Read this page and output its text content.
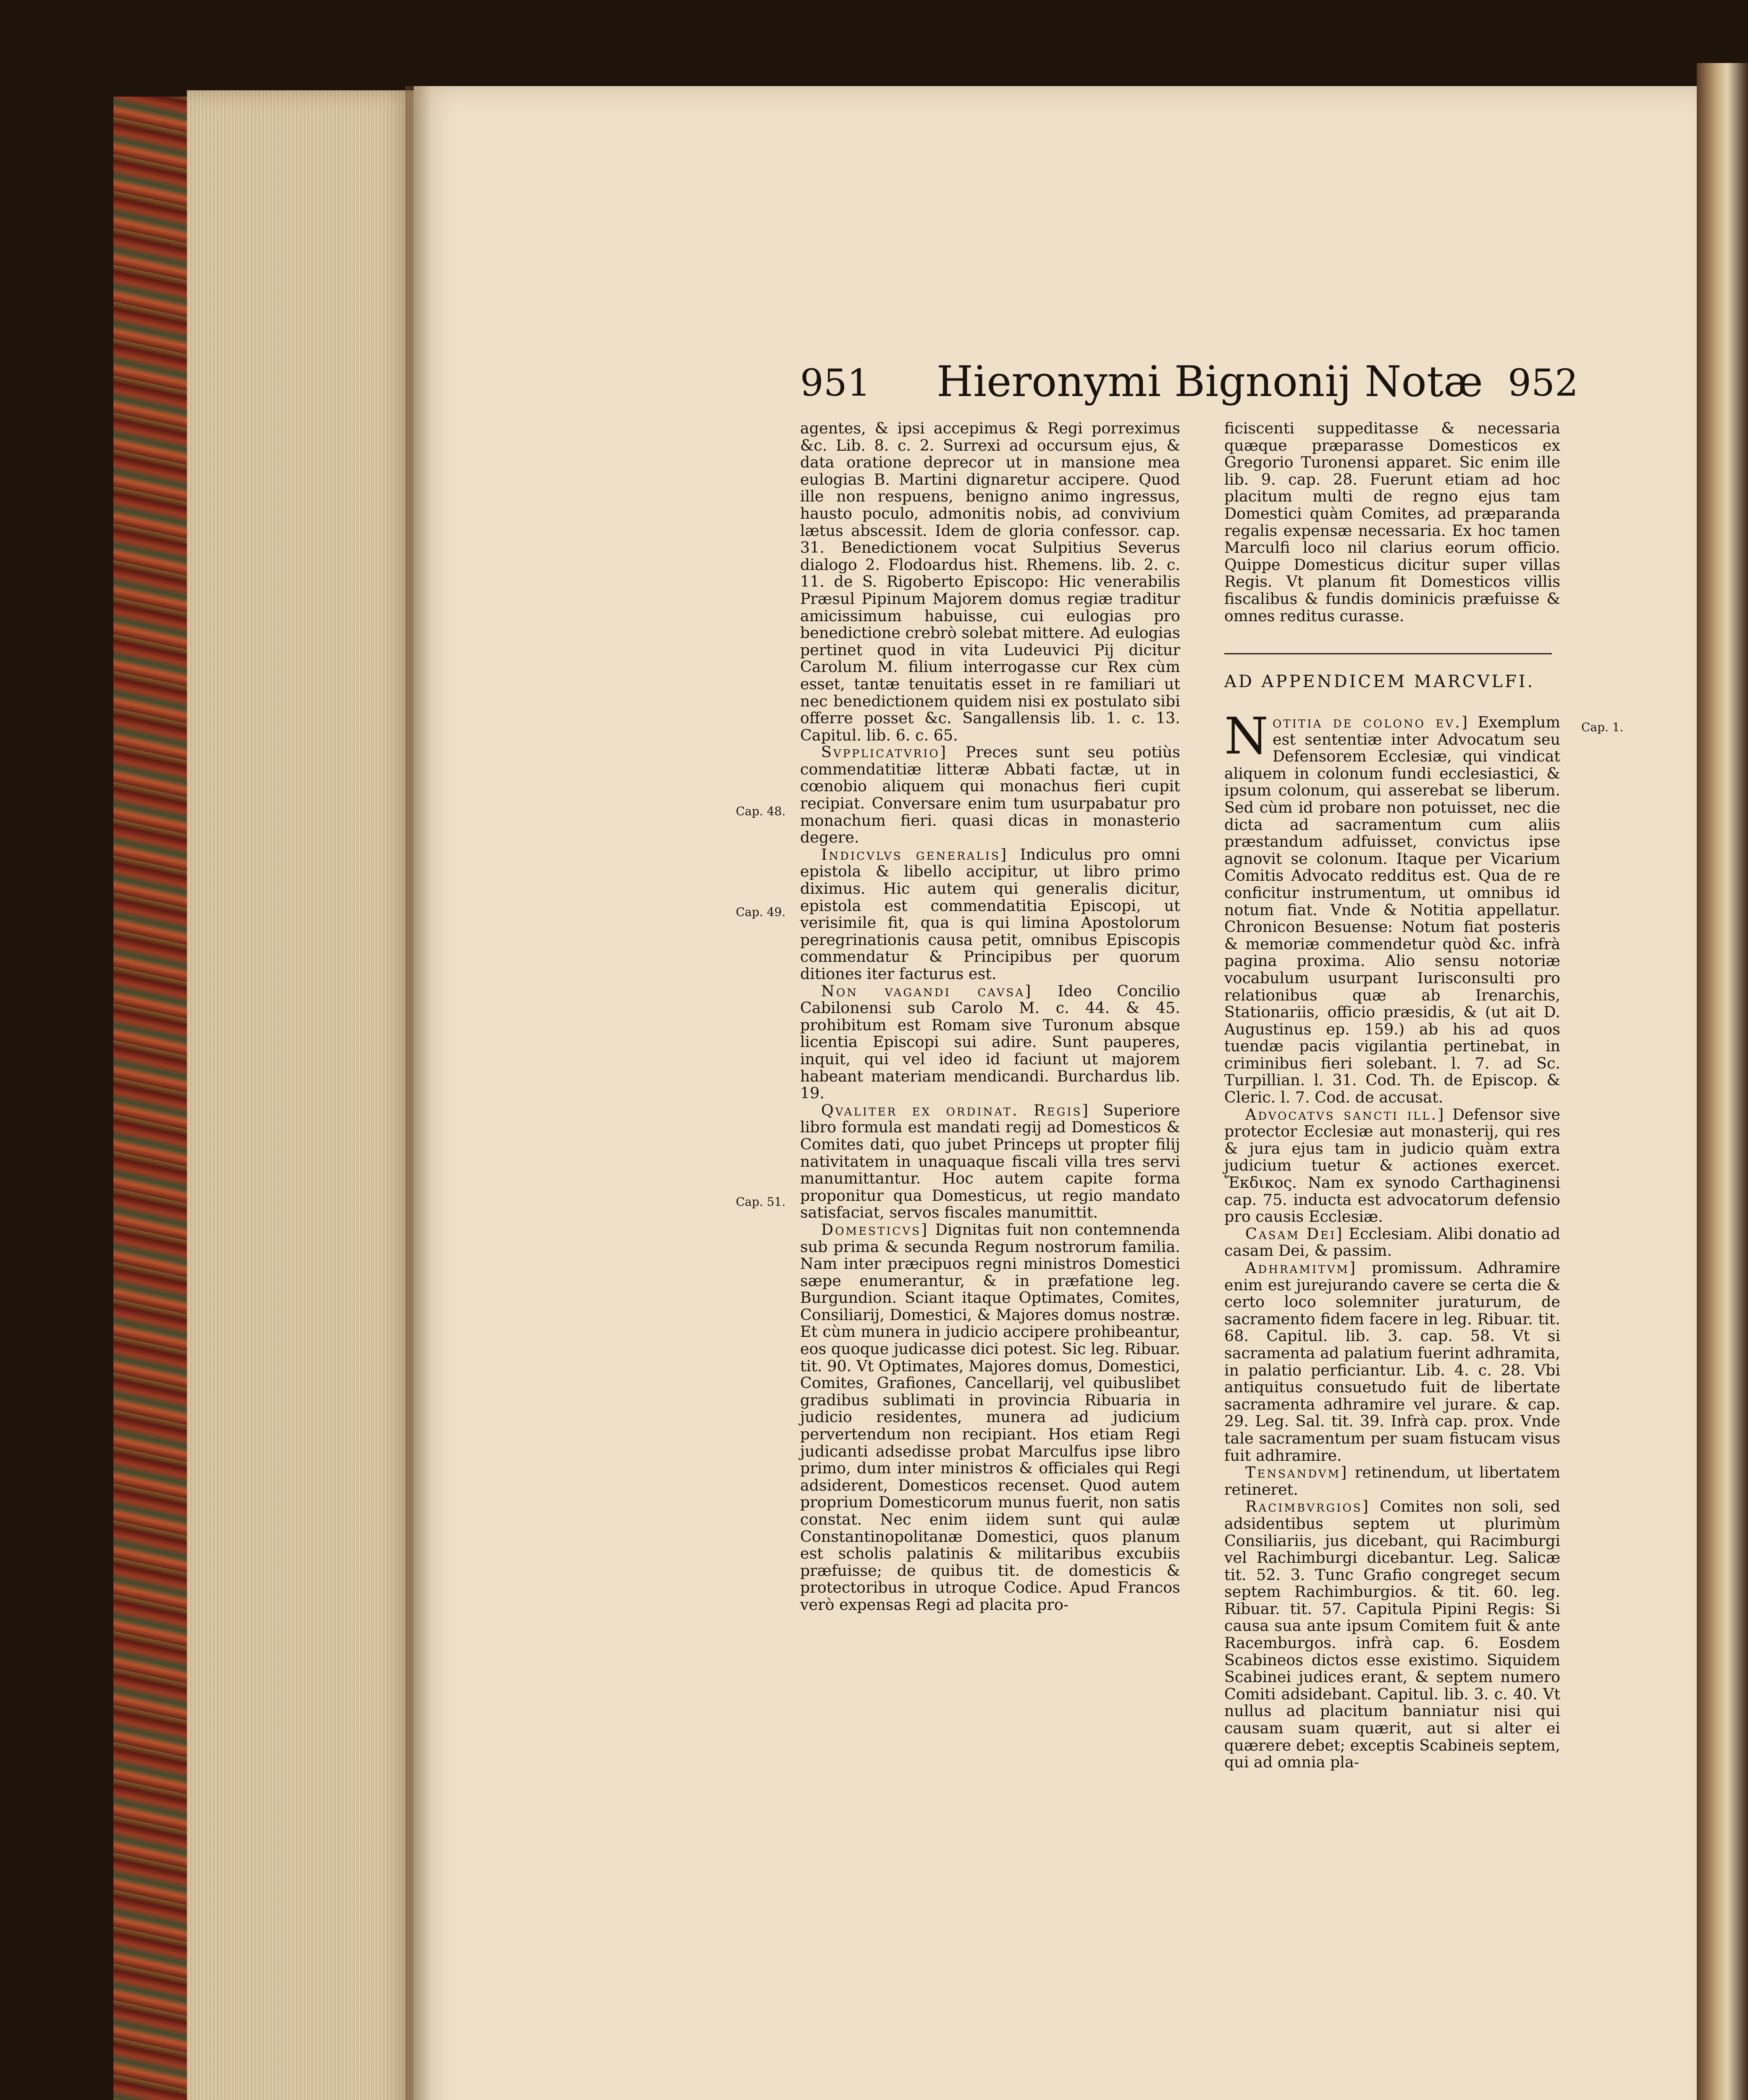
951 Hieronymi Bignonij Notæ 952
Cap. 48.
Cap. 49.
Cap. 51.

agentes, & ipsi accepimus & Regi porreximus &c. Lib. 8. c. 2. Surrexi ad occursum ejus, & data oratione deprecor ut in mansione mea eulogias B. Martini dignaretur accipere. Quod ille non respuens, benigno animo ingressus, hausto poculo, admonitis nobis, ad convivium lætus abscessit. Idem de gloria confessor. cap. 31. Benedictionem vocat Sulpitius Severus dialogo 2. Flodoardus hist. Rhemens. lib. 2. c. 11. de S. Rigoberto Episcopo: Hic venerabilis Præsul Pipinum Majorem domus regiæ traditur amicissimum habuisse, cui eulogias pro benedictione crebrò solebat mittere. Ad eulogias pertinet quod in vita Ludeuvici Pij dicitur Carolum M. filium interrogasse cur Rex cùm esset, tantæ tenuitatis esset in re familiari ut nec benedictionem quidem nisi ex postulato sibi offerre posset &c. Sangallensis lib. 1. c. 13. Capitul. lib. 6. c. 65.

Svpplicatvrio] Preces sunt seu potiùs commendatitiæ litteræ Abbati factæ, ut in cœnobio aliquem qui monachus fieri cupit recipiat. Conversare enim tum usurpabatur pro monachum fieri. quasi dicas in monasterio degere.

Indicvlvs generalis] Indiculus pro omni epistola & libello accipitur, ut libro primo diximus. Hic autem qui generalis dicitur, epistola est commendatitia Episcopi, ut verisimile fit, qua is qui limina Apostolorum peregrinationis causa petit, omnibus Episcopis commendatur & Principibus per quorum ditiones iter facturus est.

Non vagandi cavsa] Ideo Concilio Cabilonensi sub Carolo M. c. 44. & 45. prohibitum est Romam sive Turonum absque licentia Episcopi sui adire. Sunt pauperes, inquit, qui vel ideo id faciunt ut majorem habeant materiam mendicandi. Burchardus lib. 19.

Qvaliter ex ordinat. Regis] Superiore libro formula est mandati regij ad Domesticos & Comites dati, quo jubet Princeps ut propter filij nativitatem in unaquaque fiscali villa tres servi manumittantur. Hoc autem capite forma proponitur qua Domesticus, ut regio mandato satisfaciat, servos fiscales manumittit.

Domesticvs] Dignitas fuit non contemnenda sub prima & secunda Regum nostrorum familia. Nam inter præcipuos regni ministros Domestici sæpe enumerantur, & in præfatione leg. Burgundion. Sciant itaque Optimates, Comites, Consiliarij, Domestici, & Majores domus nostræ. Et cùm munera in judicio accipere prohibeantur, eos quoque judicasse dici potest. Sic leg. Ribuar. tit. 90. Vt Optimates, Majores domus, Domestici, Comites, Grafiones, Cancellarij, vel quibuslibet gradibus sublimati in provincia Ribuaria in judicio residentes, munera ad judicium pervertendum non recipiant. Hos etiam Regi judicanti adsedisse probat Marculfus ipse libro primo, dum inter ministros & officiales qui Regi adsiderent, Domesticos recenset. Quod autem proprium Domesticorum munus fuerit, non satis constat. Nec enim iidem sunt qui aulæ Constantinopolitanæ Domestici, quos planum est scholis palatinis & militaribus excubiis præfuisse; de quibus tit. de domesticis & protectoribus in utroque Codice. Apud Francos verò expensas Regi ad placita pro-

ficiscenti suppeditasse & necessaria quæque præparasse Domesticos ex Gregorio Turonensi apparet. Sic enim ille lib. 9. cap. 28. Fuerunt etiam ad hoc placitum multi de regno ejus tam Domestici quàm Comites, ad præparanda regalis expensæ necessaria. Ex hoc tamen Marculfi loco nil clarius eorum officio. Quippe Domesticus dicitur super villas Regis. Vt planum fit Domesticos villis fiscalibus & fundis dominicis præfuisse & omnes reditus curasse.

AD APPENDICEM MARCVLFI.
Cap. 1.

Notitia de colono ev.] Exemplum est sententiæ inter Advocatum seu Defensorem Ecclesiæ, qui vindicat aliquem in colonum fundi ecclesiastici, & ipsum colonum, qui asserebat se liberum. Sed cùm id probare non potuisset, nec die dicta ad sacramentum cum aliis præstandum adfuisset, convictus ipse agnovit se colonum. Itaque per Vicarium Comitis Advocato redditus est. Qua de re conficitur instrumentum, ut omnibus id notum fiat. Vnde & Notitia appellatur. Chronicon Besuense: Notum fiat posteris & memoriæ commendetur quòd &c. infrà pagina proxima. Alio sensu notoriæ vocabulum usurpant Iurisconsulti pro relationibus quæ ab Irenarchis, Stationariis, officio præsidis, & (ut ait D. Augustinus ep. 159.) ab his ad quos tuendæ pacis vigilantia pertinebat, in criminibus fieri solebant. l. 7. ad Sc. Turpillian. l. 31. Cod. Th. de Episcop. & Cleric. l. 7. Cod. de accusat.

Advocatvs sancti ill.] Defensor sive protector Ecclesiæ aut monasterij, qui res & jura ejus tam in judicio quàm extra judicium tuetur & actiones exercet. Ἔκδικος. Nam ex synodo Carthaginensi cap. 75. inducta est advocatorum defensio pro causis Ecclesiæ.

Casam Dei] Ecclesiam. Alibi donatio ad casam Dei, & passim.

Adhramitvm] promissum. Adhramire enim est jurejurando cavere se certa die & certo loco solemniter juraturum, de sacramento fidem facere in leg. Ribuar. tit. 68. Capitul. lib. 3. cap. 58. Vt si sacramenta ad palatium fuerint adhramita, in palatio perficiantur. Lib. 4. c. 28. Vbi antiquitus consuetudo fuit de libertate sacramenta adhramire vel jurare. & cap. 29. Leg. Sal. tit. 39. Infrà cap. prox. Vnde tale sacramentum per suam fistucam visus fuit adhramire.

Tensandvm] retinendum, ut libertatem retineret.

Racimbvrgios] Comites non soli, sed adsidentibus septem ut plurimùm Consiliariis, jus dicebant, qui Racimburgi vel Rachimburgi dicebantur. Leg. Salicæ tit. 52. 3. Tunc Grafio congreget secum septem Rachimburgios. & tit. 60. leg. Ribuar. tit. 57. Capitula Pipini Regis: Si causa sua ante ipsum Comitem fuit & ante Racemburgos. infrà cap. 6. Eosdem Scabineos dictos esse existimo. Siquidem Scabinei judices erant, & septem numero Comiti adsidebant. Capitul. lib. 3. c. 40. Vt nullus ad placitum banniatur nisi qui causam suam quærit, aut si alter ei quærere debet; exceptis Scabineis septem, qui ad omnia pla-
